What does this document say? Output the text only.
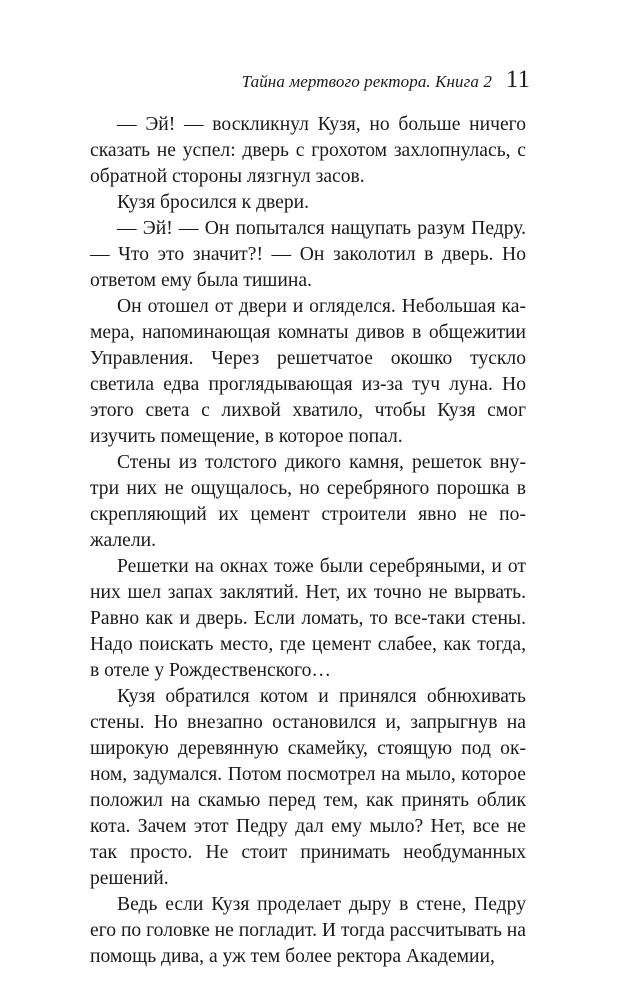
Тайна мертвого ректора. Книга 2 11

— Эй! — воскликнул Кузя, но больше ничего сказать не успел: дверь с грохотом захлопнулась, с обратной стороны лязгнул засов.

Кузя бросился к двери.

— Эй! — Он попытался нащупать разум Педру. — Что это значит?! — Он заколотил в дверь. Но ответом ему была тишина.

Он отошел от двери и огляделся. Небольшая камера, напоминающая комнаты дивов в общежитии Управления. Через решетчатое окошко тускло светила едва проглядывающая из-за туч луна. Но этого света с лихвой хватило, чтобы Кузя смог изучить помещение, в которое попал.

Стены из толстого дикого камня, решеток внутри них не ощущалось, но серебряного порошка в скрепляющий их цемент строители явно не пожалели.

Решетки на окнах тоже были серебряными, и от них шел запах заклятий. Нет, их точно не вырвать. Равно как и дверь. Если ломать, то все-таки стены. Надо поискать место, где цемент слабее, как тогда, в отеле у Рождественского…

Кузя обратился котом и принялся обнюхивать стены. Но внезапно остановился и, запрыгнув на широкую деревянную скамейку, стоящую под окном, задумался. Потом посмотрел на мыло, которое положил на скамью перед тем, как принять облик кота. Зачем этот Педру дал ему мыло? Нет, все не так просто. Не стоит принимать необдуманных решений.

Ведь если Кузя проделает дыру в стене, Педру его по головке не погладит. И тогда рассчитывать на помощь дива, а уж тем более ректора Академии,
